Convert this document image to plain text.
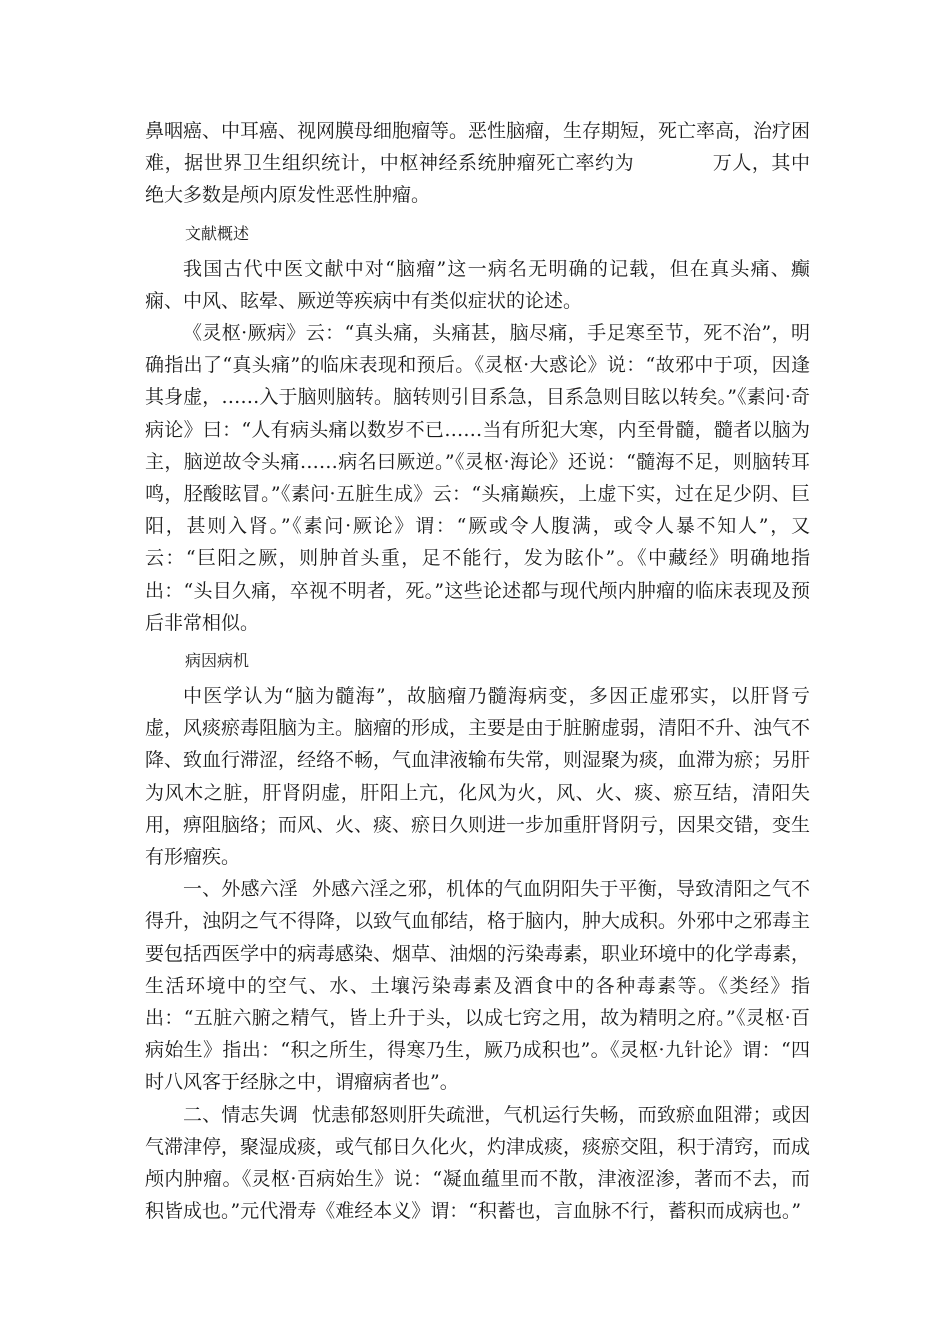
鼻咽癌、中耳癌、视网膜母细胞瘤等。恶性脑瘤，生存期短，死亡率高，治疗困难，据世界卫生组织统计，中枢神经系统肿瘤死亡率约为	万人，其中绝大多数是颅内原发性恶性肿瘤。

文献概述

我国古代中医文献中对“脑瘤”这一病名无明确的记载，但在真头痛、癫痫、中风、眩晕、厥逆等疾病中有类似症状的论述。

《灵枢·厥病》云：“真头痛，头痛甚，脑尽痛，手足寒至节，死不治”，明确指出了“真头痛”的临床表现和预后。《灵枢·大惑论》说：“故邪中于项，因逢其身虚，……入于脑则脑转。脑转则引目系急，目系急则目眩以转矣。”《素问·奇病论》曰：“人有病头痛以数岁不已……当有所犯大寒，内至骨髓，髓者以脑为主，脑逆故令头痛……病名曰厥逆。”《灵枢·海论》还说：“髓海不足，则脑转耳鸣，胫酸眩冒。”《素问·五脏生成》云：“头痛巅疾，上虚下实，过在足少阴、巨阳，甚则入肾。”《素问·厥论》谓：“厥或令人腹满，或令人暴不知人”，又云：“巨阳之厥，则肿首头重，足不能行，发为眩仆”。《中藏经》明确地指出：“头目久痛，卒视不明者，死。”这些论述都与现代颅内肿瘤的临床表现及预后非常相似。

病因病机

中医学认为“脑为髓海”，故脑瘤乃髓海病变，多因正虚邪实，以肝肾亏虚，风痰瘀毒阻脑为主。脑瘤的形成，主要是由于脏腑虚弱，清阳不升、浊气不降、致血行滞涩，经络不畅，气血津液输布失常，则湿聚为痰，血滞为瘀；另肝为风木之脏，肝肾阴虚，肝阳上亢，化风为火，风、火、痰、瘀互结，清阳失用，痹阻脑络；而风、火、痰、瘀日久则进一步加重肝肾阴亏，因果交错，变生有形瘤疾。

一、外感六淫 外感六淫之邪，机体的气血阴阳失于平衡，导致清阳之气不得升，浊阴之气不得降，以致气血郁结，格于脑内，肿大成积。外邪中之邪毒主要包括西医学中的病毒感染、烟草、油烟的污染毒素，职业环境中的化学毒素，生活环境中的空气、水、土壤污染毒素及酒食中的各种毒素等。《类经》指出：“五脏六腑之精气，皆上升于头，以成七窍之用，故为精明之府。”《灵枢·百病始生》指出：“积之所生，得寒乃生，厥乃成积也”。《灵枢·九针论》谓：“四时八风客于经脉之中，谓瘤病者也”。

二、情志失调 忧恚郁怒则肝失疏泄，气机运行失畅，而致瘀血阻滞；或因气滞津停，聚湿成痰，或气郁日久化火，灼津成痰，痰瘀交阻，积于清窍，而成颅内肿瘤。《灵枢·百病始生》说：“凝血蕴里而不散，津液涩渗，著而不去，而积皆成也。”元代滑寿《难经本义》谓：“积蓄也，言血脉不行，蓄积而成病也。”
